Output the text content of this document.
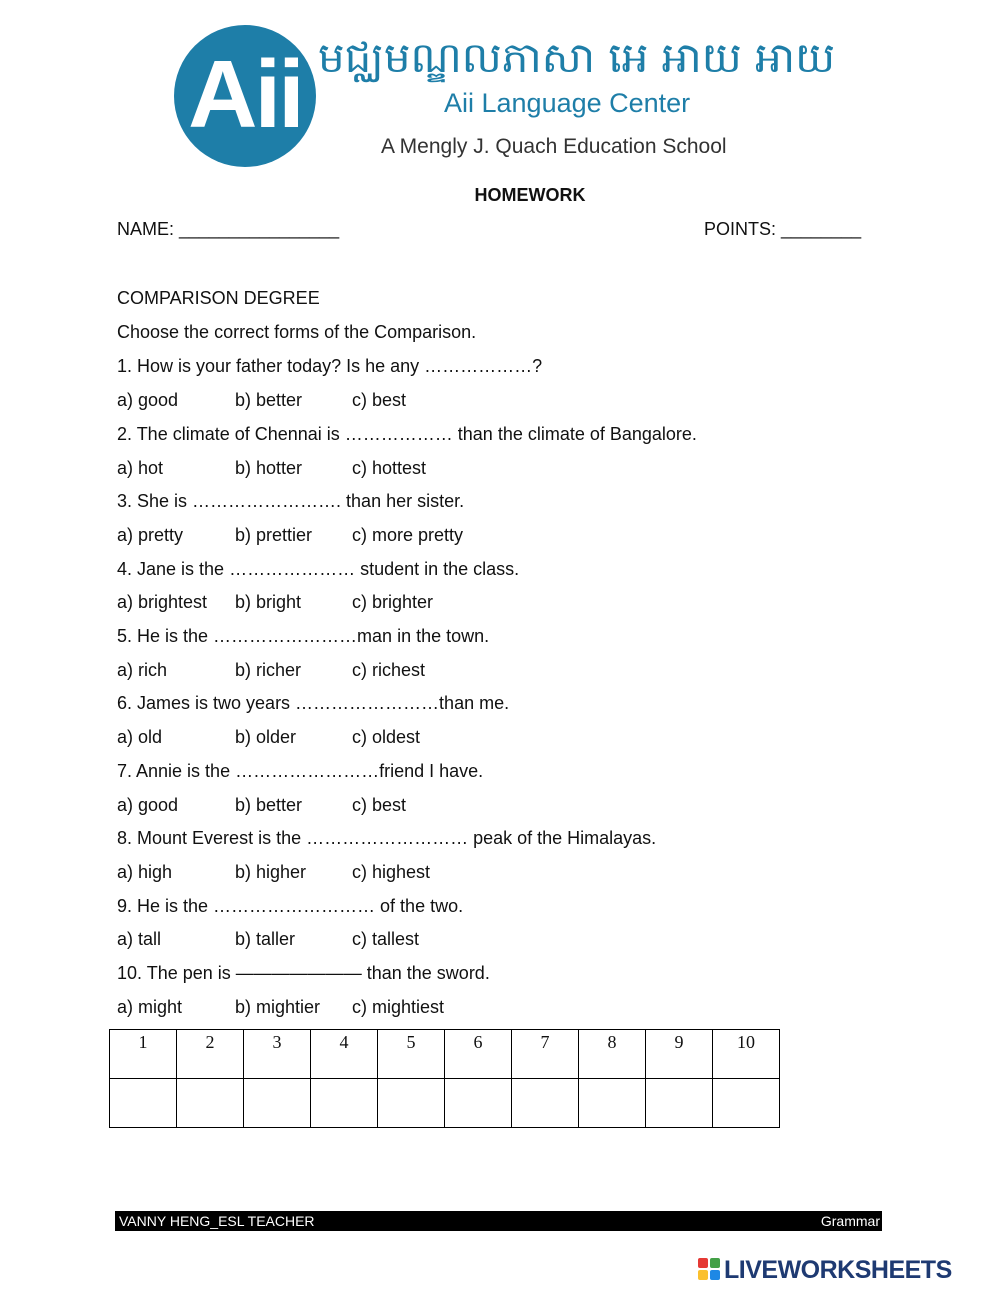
Aii មជ្ឈមណ្ឌលភាសា អេ អាយ អាយ
Aii Language Center
A Mengly J. Quach Education School
HOMEWORK
NAME: ________________	POINTS: ________
COMPARISON DEGREE
Choose the correct forms of the Comparison.
1. How is your father today? Is he any ………………?
a) good	b) better	c) best
2. The climate of Chennai is ……………… than the climate of Bangalore.
a) hot	b) hotter	c) hottest
3. She is ……………………. than her sister.
a) pretty	b) prettier c) more pretty
4. Jane is the ………………… student in the class.
a) brightest b) bright	c) brighter
5. He is the ……………………man in the town.
a) rich	b) richer	c) richest
6. James is two years ……………………than me.
a) old	b) older	c) oldest
7. Annie is the ……………………friend I have.
a) good	b) better	c) best
8. Mount Everest is the ……………………… peak of the Himalayas.
a) high	b) higher	c) highest
9. He is the ……………………… of the two.
a) tall	b) taller	c) tallest
10. The pen is ——————— than the sword.
a) might	b) mightier c) mightiest
1	2	3	4	5	6	7	8	9	10

VANNY HENG_ESL TEACHER	Grammar
LIVEWORKSHEETS
